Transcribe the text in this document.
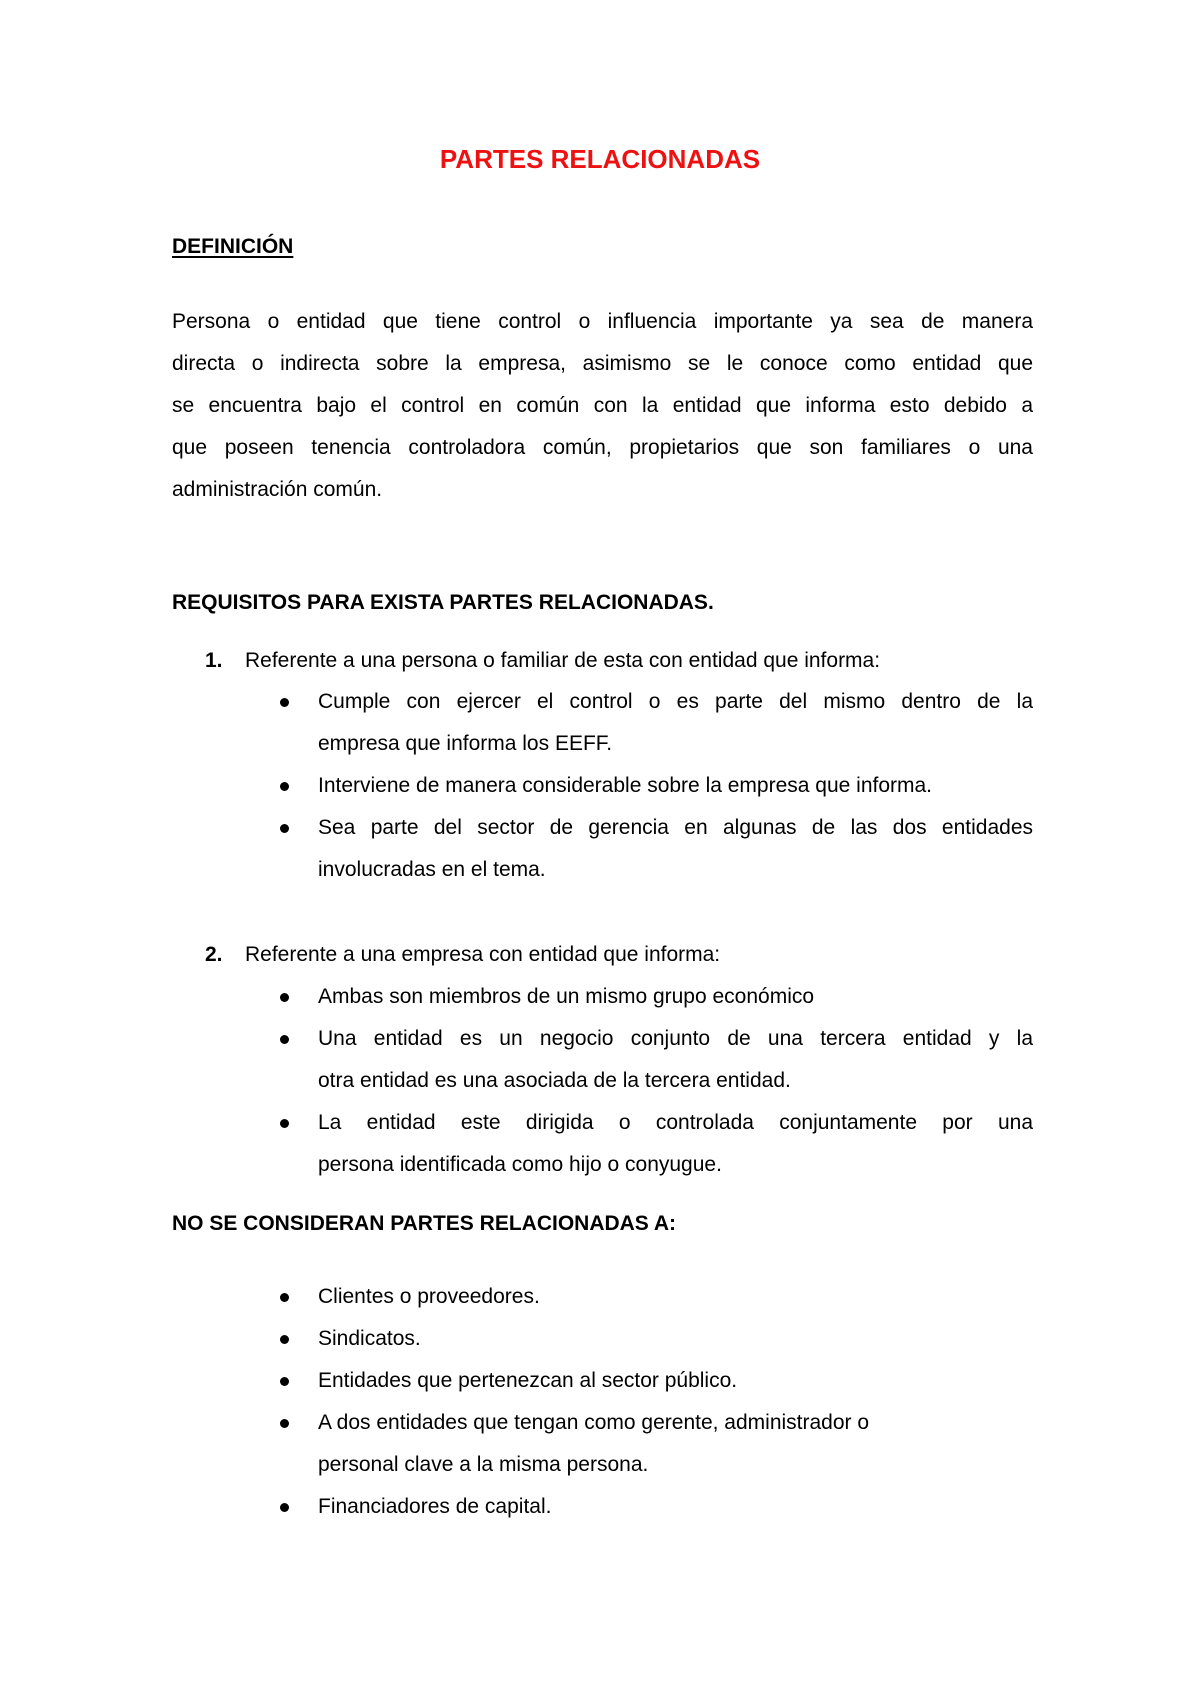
PARTES RELACIONADAS
DEFINICIÓN
Persona o entidad que tiene control o influencia importante ya sea de manera
directa o indirecta sobre la empresa, asimismo se le conoce como entidad que
se encuentra bajo el control en común con la entidad que informa esto debido a
que poseen tenencia controladora común, propietarios que son familiares o una
administración común.
REQUISITOS PARA EXISTA PARTES RELACIONADAS.
1. Referente a una persona o familiar de esta con entidad que informa:
Cumple con ejercer el control o es parte del mismo dentro de la
empresa que informa los EEFF.
Interviene de manera considerable sobre la empresa que informa.
Sea parte del sector de gerencia en algunas de las dos entidades
involucradas en el tema.
2. Referente a una empresa con entidad que informa:
Ambas son miembros de un mismo grupo económico
Una entidad es un negocio conjunto de una tercera entidad y la
otra entidad es una asociada de la tercera entidad.
La entidad este dirigida o controlada conjuntamente por una
persona identificada como hijo o conyugue.
NO SE CONSIDERAN PARTES RELACIONADAS A:
Clientes o proveedores.
Sindicatos.
Entidades que pertenezcan al sector público.
A dos entidades que tengan como gerente, administrador o
personal clave a la misma persona.
Financiadores de capital.
